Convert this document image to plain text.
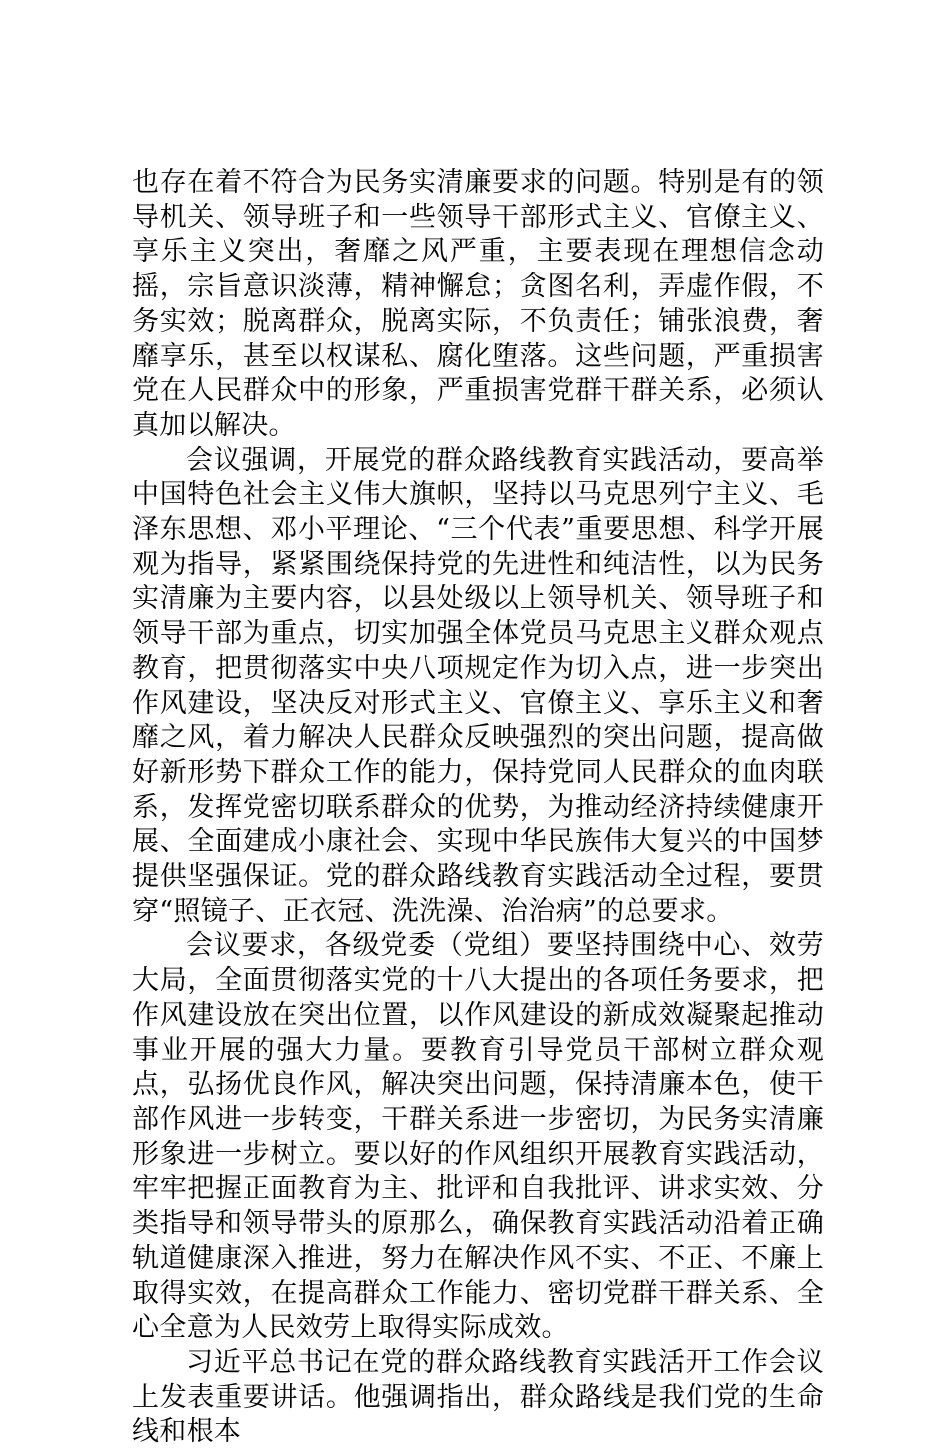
也存在着不符合为民务实清廉要求的问题。特别是有的领导机关、领导班子和一些领导干部形式主义、官僚主义、享乐主义突出，奢靡之风严重，主要表现在理想信念动摇，宗旨意识淡薄，精神懈怠；贪图名利，弄虚作假，不务实效；脱离群众，脱离实际，不负责任；铺张浪费，奢靡享乐，甚至以权谋私、腐化堕落。这些问题，严重损害党在人民群众中的形象，严重损害党群干群关系，必须认真加以解决。

会议强调，开展党的群众路线教育实践活动，要高举中国特色社会主义伟大旗帜，坚持以马克思列宁主义、毛泽东思想、邓小平理论、“三个代表”重要思想、科学开展观为指导，紧紧围绕保持党的先进性和纯洁性，以为民务实清廉为主要内容，以县处级以上领导机关、领导班子和领导干部为重点，切实加强全体党员马克思主义群众观点教育，把贯彻落实中央八项规定作为切入点，进一步突出作风建设，坚决反对形式主义、官僚主义、享乐主义和奢靡之风，着力解决人民群众反映强烈的突出问题，提高做好新形势下群众工作的能力，保持党同人民群众的血肉联系，发挥党密切联系群众的优势，为推动经济持续健康开展、全面建成小康社会、实现中华民族伟大复兴的中国梦提供坚强保证。党的群众路线教育实践活动全过程，要贯穿“照镜子、正衣冠、洗洗澡、治治病”的总要求。

会议要求，各级党委（党组）要坚持围绕中心、效劳大局，全面贯彻落实党的十八大提出的各项任务要求，把作风建设放在突出位置，以作风建设的新成效凝聚起推动事业开展的强大力量。要教育引导党员干部树立群众观点，弘扬优良作风，解决突出问题，保持清廉本色，使干部作风进一步转变，干群关系进一步密切，为民务实清廉形象进一步树立。要以好的作风组织开展教育实践活动，牢牢把握正面教育为主、批评和自我批评、讲求实效、分类指导和领导带头的原那么，确保教育实践活动沿着正确轨道健康深入推进，努力在解决作风不实、不正、不廉上取得实效，在提高群众工作能力、密切党群干群关系、全心全意为人民效劳上取得实际成效。

习近平总书记在党的群众路线教育实践活开工作会议上发表重要讲话。他强调指出，群众路线是我们党的生命线和根本
